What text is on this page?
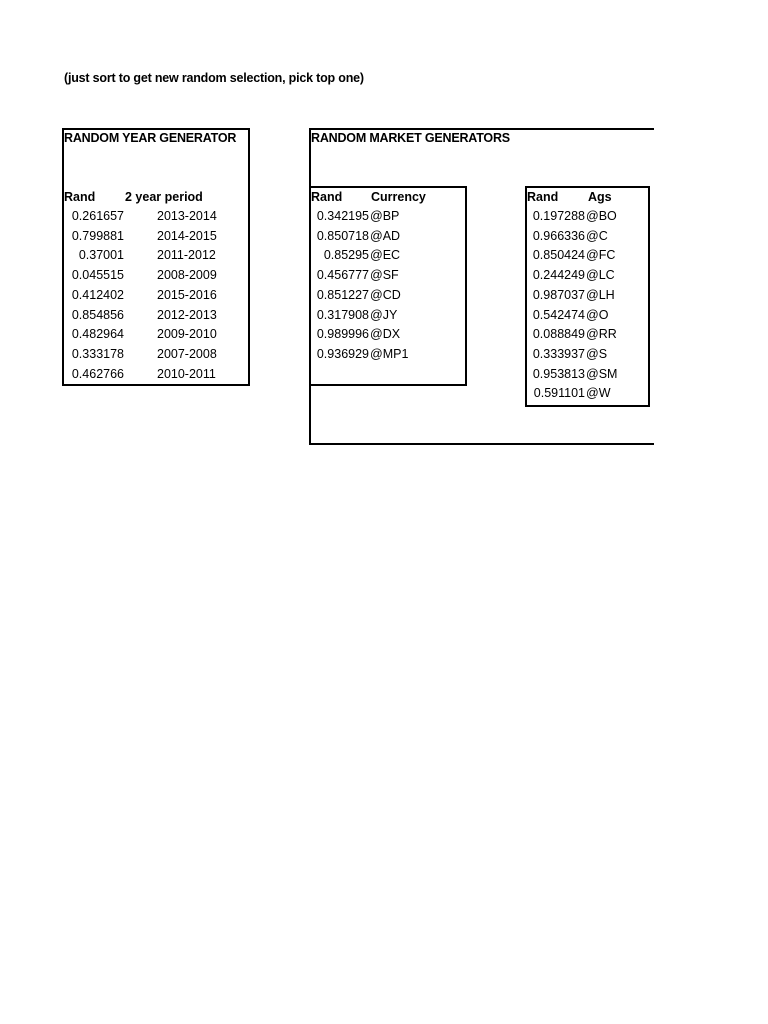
(just sort to get new random selection, pick top one)
RANDOM YEAR GENERATOR
Rand 2 year period
0.261657	2013-2014
0.799881	2014-2015
0.37001	2011-2012
0.045515	2008-2009
0.412402	2015-2016
0.854856	2012-2013
0.482964	2009-2010
0.333178	2007-2008
0.462766	2010-2011
RANDOM MARKET GENERATORS
Rand Currency
0.342195 @BP
0.850718 @AD
0.85295 @EC
0.456777 @SF
0.851227 @CD
0.317908 @JY
0.989996 @DX
0.936929 @MP1
Rand Ags
0.197288 @BO
0.966336 @C
0.850424 @FC
0.244249 @LC
0.987037 @LH
0.542474 @O
0.088849 @RR
0.333937 @S
0.953813 @SM
0.591101 @W
